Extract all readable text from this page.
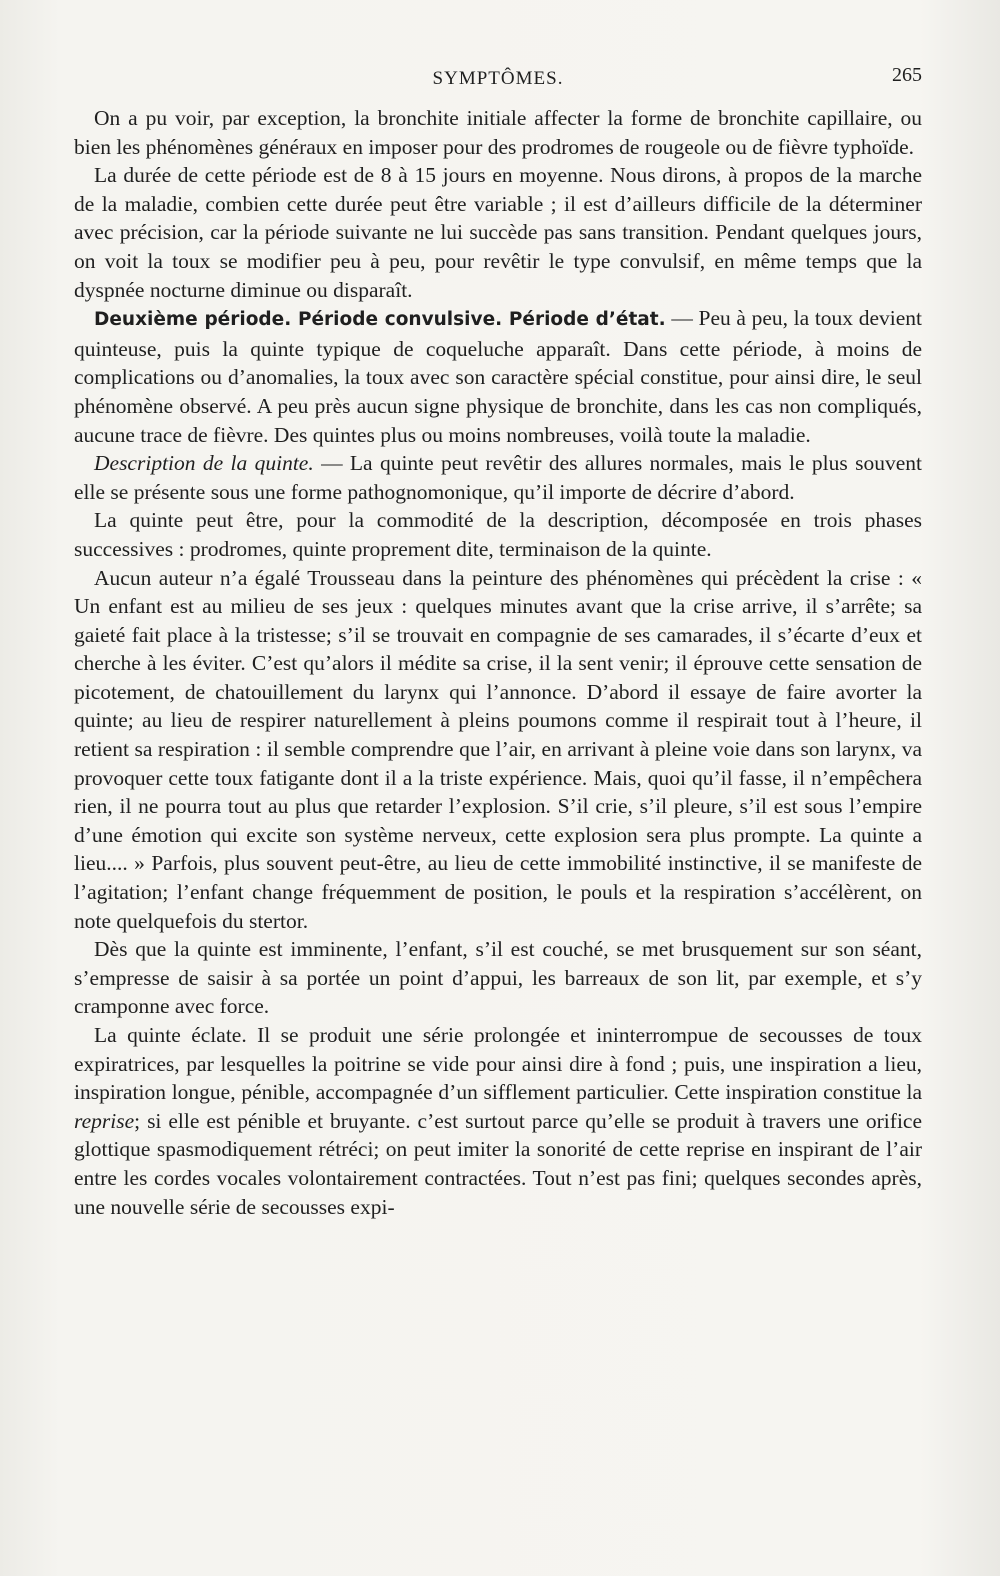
SYMPTÔMES.	265

On a pu voir, par exception, la bronchite initiale affecter la forme de bronchite capillaire, ou bien les phénomènes généraux en imposer pour des prodromes de rougeole ou de fièvre typhoïde.

La durée de cette période est de 8 à 15 jours en moyenne. Nous dirons, à propos de la marche de la maladie, combien cette durée peut être variable ; il est d’ailleurs difficile de la déterminer avec précision, car la période suivante ne lui succède pas sans transition. Pendant quelques jours, on voit la toux se modifier peu à peu, pour revêtir le type convulsif, en même temps que la dyspnée nocturne diminue ou disparaît.

Deuxième période. Période convulsive. Période d’état. — Peu à peu, la toux devient quinteuse, puis la quinte typique de coqueluche apparaît. Dans cette période, à moins de complications ou d’anomalies, la toux avec son caractère spécial constitue, pour ainsi dire, le seul phénomène observé. A peu près aucun signe physique de bronchite, dans les cas non compliqués, aucune trace de fièvre. Des quintes plus ou moins nombreuses, voilà toute la maladie.

Description de la quinte. — La quinte peut revêtir des allures normales, mais le plus souvent elle se présente sous une forme pathognomonique, qu’il importe de décrire d’abord.

La quinte peut être, pour la commodité de la description, décomposée en trois phases successives : prodromes, quinte proprement dite, terminaison de la quinte.

Aucun auteur n’a égalé Trousseau dans la peinture des phénomènes qui précèdent la crise : « Un enfant est au milieu de ses jeux : quelques minutes avant que la crise arrive, il s’arrête; sa gaieté fait place à la tristesse; s’il se trouvait en compagnie de ses camarades, il s’écarte d’eux et cherche à les éviter. C’est qu’alors il médite sa crise, il la sent venir; il éprouve cette sensation de picotement, de chatouillement du larynx qui l’annonce. D’abord il essaye de faire avorter la quinte; au lieu de respirer naturellement à pleins poumons comme il respirait tout à l’heure, il retient sa respiration : il semble comprendre que l’air, en arrivant à pleine voie dans son larynx, va provoquer cette toux fatigante dont il a la triste expérience. Mais, quoi qu’il fasse, il n’empêchera rien, il ne pourra tout au plus que retarder l’explosion. S’il crie, s’il pleure, s’il est sous l’empire d’une émotion qui excite son système nerveux, cette explosion sera plus prompte. La quinte a lieu.... » Parfois, plus souvent peut-être, au lieu de cette immobilité instinctive, il se manifeste de l’agitation; l’enfant change fréquemment de position, le pouls et la respiration s’accélèrent, on note quelquefois du stertor.

Dès que la quinte est imminente, l’enfant, s’il est couché, se met brusquement sur son séant, s’empresse de saisir à sa portée un point d’appui, les barreaux de son lit, par exemple, et s’y cramponne avec force.

La quinte éclate. Il se produit une série prolongée et ininterrompue de secousses de toux expiratrices, par lesquelles la poitrine se vide pour ainsi dire à fond ; puis, une inspiration a lieu, inspiration longue, pénible, accompagnée d’un sifflement particulier. Cette inspiration constitue la reprise; si elle est pénible et bruyante. c’est surtout parce qu’elle se produit à travers une orifice glottique spasmodiquement rétréci; on peut imiter la sonorité de cette reprise en inspirant de l’air entre les cordes vocales volontairement contractées. Tout n’est pas fini; quelques secondes après, une nouvelle série de secousses expi-
